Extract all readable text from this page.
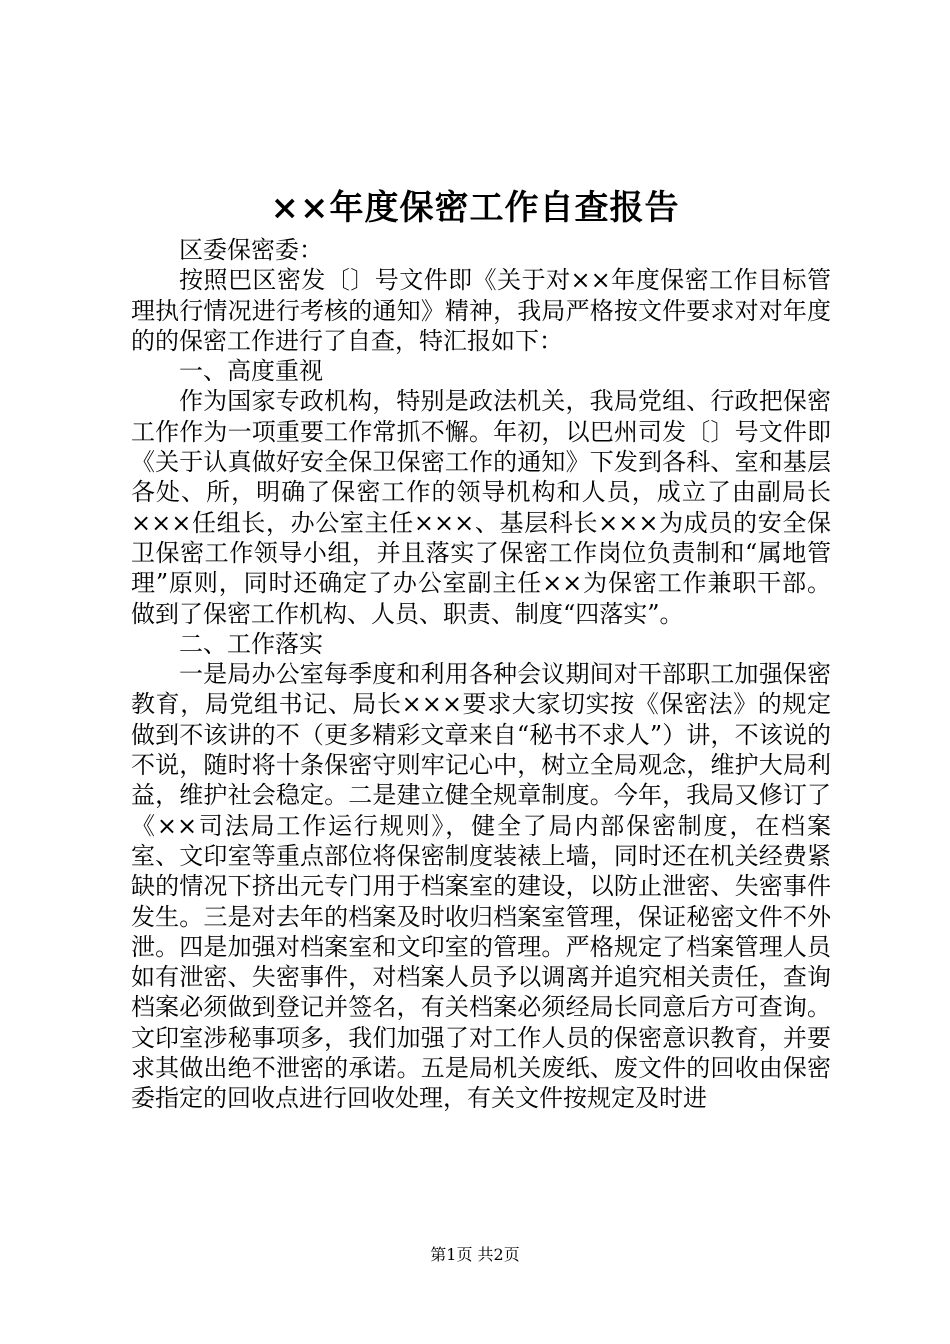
××年度保密工作自查报告

区委保密委：

按照巴区密发〔〕号文件即《关于对××年度保密工作目标管理执行情况进行考核的通知》精神，我局严格按文件要求对对年度的的保密工作进行了自查，特汇报如下：

一、高度重视

作为国家专政机构，特别是政法机关，我局党组、行政把保密工作作为一项重要工作常抓不懈。年初，以巴州司发〔〕号文件即《关于认真做好安全保卫保密工作的通知》下发到各科、室和基层各处、所，明确了保密工作的领导机构和人员，成立了由副局长×××任组长，办公室主任×××、基层科长×××为成员的安全保卫保密工作领导小组，并且落实了保密工作岗位负责制和“属地管理”原则，同时还确定了办公室副主任××为保密工作兼职干部。做到了保密工作机构、人员、职责、制度“四落实”。

二、工作落实

一是局办公室每季度和利用各种会议期间对干部职工加强保密教育，局党组书记、局长×××要求大家切实按《保密法》的规定做到不该讲的不（更多精彩文章来自“秘书不求人”）讲，不该说的不说，随时将十条保密守则牢记心中，树立全局观念，维护大局利益，维护社会稳定。二是建立健全规章制度。今年，我局又修订了《××司法局工作运行规则》，健全了局内部保密制度，在档案室、文印室等重点部位将保密制度装裱上墙，同时还在机关经费紧缺的情况下挤出元专门用于档案室的建设，以防止泄密、失密事件发生。三是对去年的档案及时收归档案室管理，保证秘密文件不外泄。四是加强对档案室和文印室的管理。严格规定了档案管理人员如有泄密、失密事件，对档案人员予以调离并追究相关责任，查询档案必须做到登记并签名，有关档案必须经局长同意后方可查询。文印室涉秘事项多，我们加强了对工作人员的保密意识教育，并要求其做出绝不泄密的承诺。五是局机关废纸、废文件的回收由保密委指定的回收点进行回收处理，有关文件按规定及时进

第1页 共2页
